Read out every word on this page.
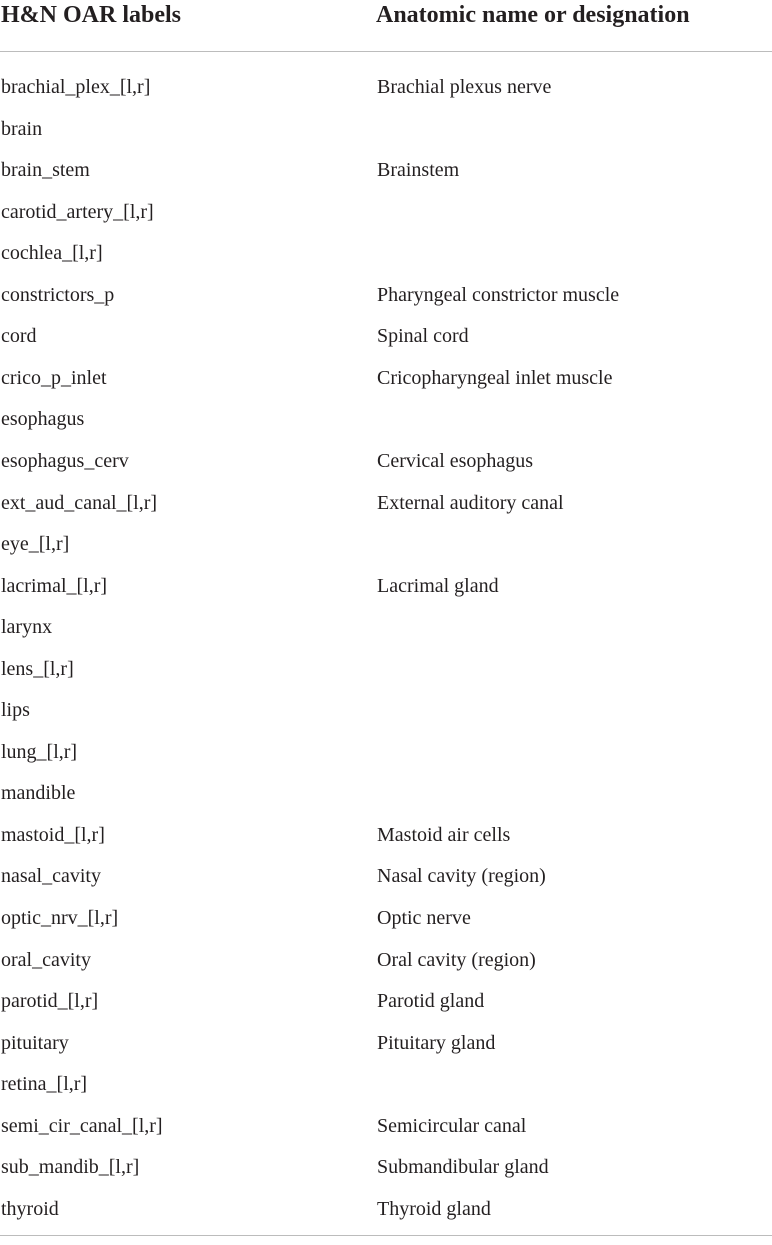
H&N OAR labels	Anatomic name or designation
brachial_plex_[l,r]	Brachial plexus nerve
brain
brain_stem	Brainstem
carotid_artery_[l,r]
cochlea_[l,r]
constrictors_p	Pharyngeal constrictor muscle
cord	Spinal cord
crico_p_inlet	Cricopharyngeal inlet muscle
esophagus
esophagus_cerv	Cervical esophagus
ext_aud_canal_[l,r]	External auditory canal
eye_[l,r]
lacrimal_[l,r]	Lacrimal gland
larynx
lens_[l,r]
lips
lung_[l,r]
mandible
mastoid_[l,r]	Mastoid air cells
nasal_cavity	Nasal cavity (region)
optic_nrv_[l,r]	Optic nerve
oral_cavity	Oral cavity (region)
parotid_[l,r]	Parotid gland
pituitary	Pituitary gland
retina_[l,r]
semi_cir_canal_[l,r]	Semicircular canal
sub_mandib_[l,r]	Submandibular gland
thyroid	Thyroid gland
